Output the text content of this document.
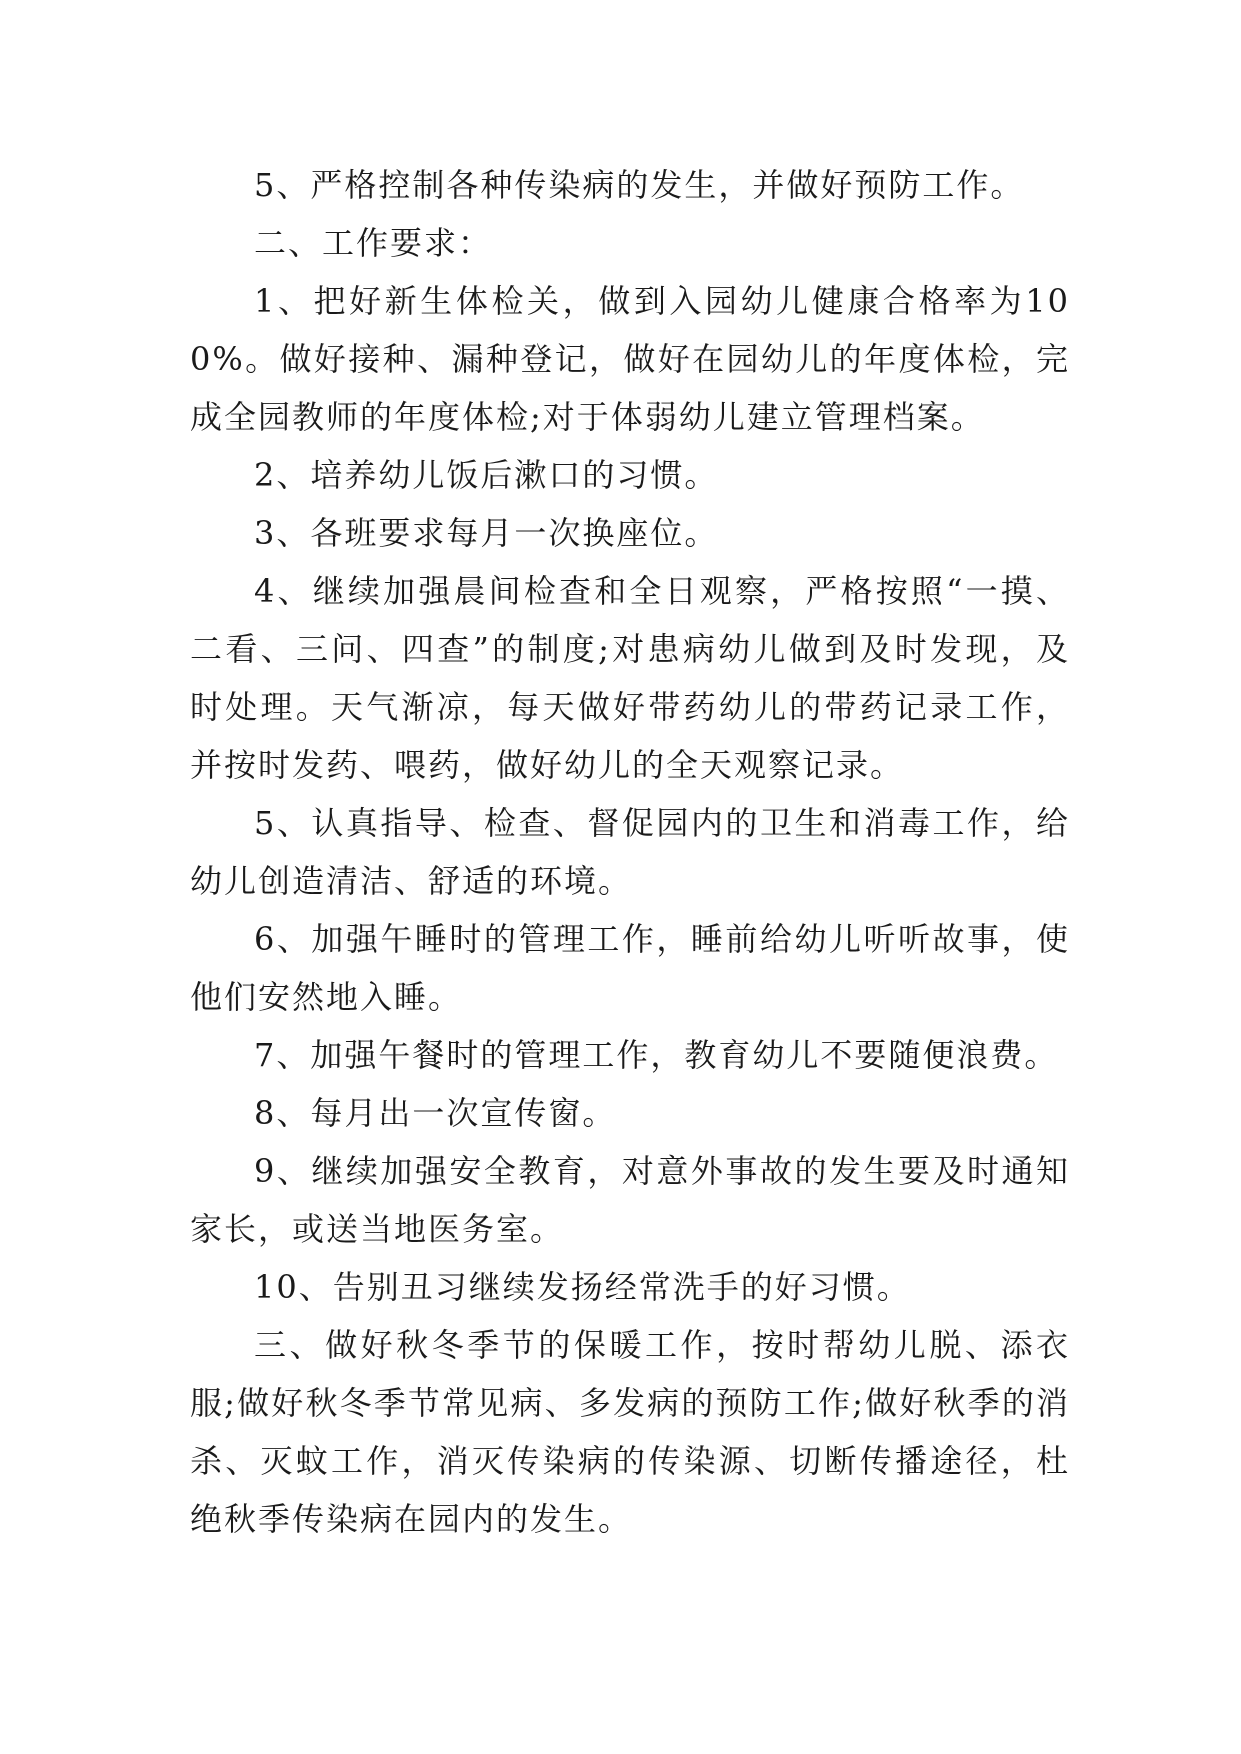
5、严格控制各种传染病的发生，并做好预防工作。

二、工作要求：

1、把好新生体检关，做到入园幼儿健康合格率为100%。做好接种、漏种登记，做好在园幼儿的年度体检，完成全园教师的年度体检;对于体弱幼儿建立管理档案。

2、培养幼儿饭后漱口的习惯。

3、各班要求每月一次换座位。

4、继续加强晨间检查和全日观察，严格按照“一摸、二看、三问、四查”的制度;对患病幼儿做到及时发现，及时处理。天气渐凉，每天做好带药幼儿的带药记录工作，并按时发药、喂药，做好幼儿的全天观察记录。

5、认真指导、检查、督促园内的卫生和消毒工作，给幼儿创造清洁、舒适的环境。

6、加强午睡时的管理工作，睡前给幼儿听听故事，使他们安然地入睡。

7、加强午餐时的管理工作，教育幼儿不要随便浪费。

8、每月出一次宣传窗。

9、继续加强安全教育，对意外事故的发生要及时通知家长，或送当地医务室。

10、告别丑习继续发扬经常洗手的好习惯。

三、做好秋冬季节的保暖工作，按时帮幼儿脱、添衣服;做好秋冬季节常见病、多发病的预防工作;做好秋季的消杀、灭蚊工作，消灭传染病的传染源、切断传播途径，杜绝秋季传染病在园内的发生。
